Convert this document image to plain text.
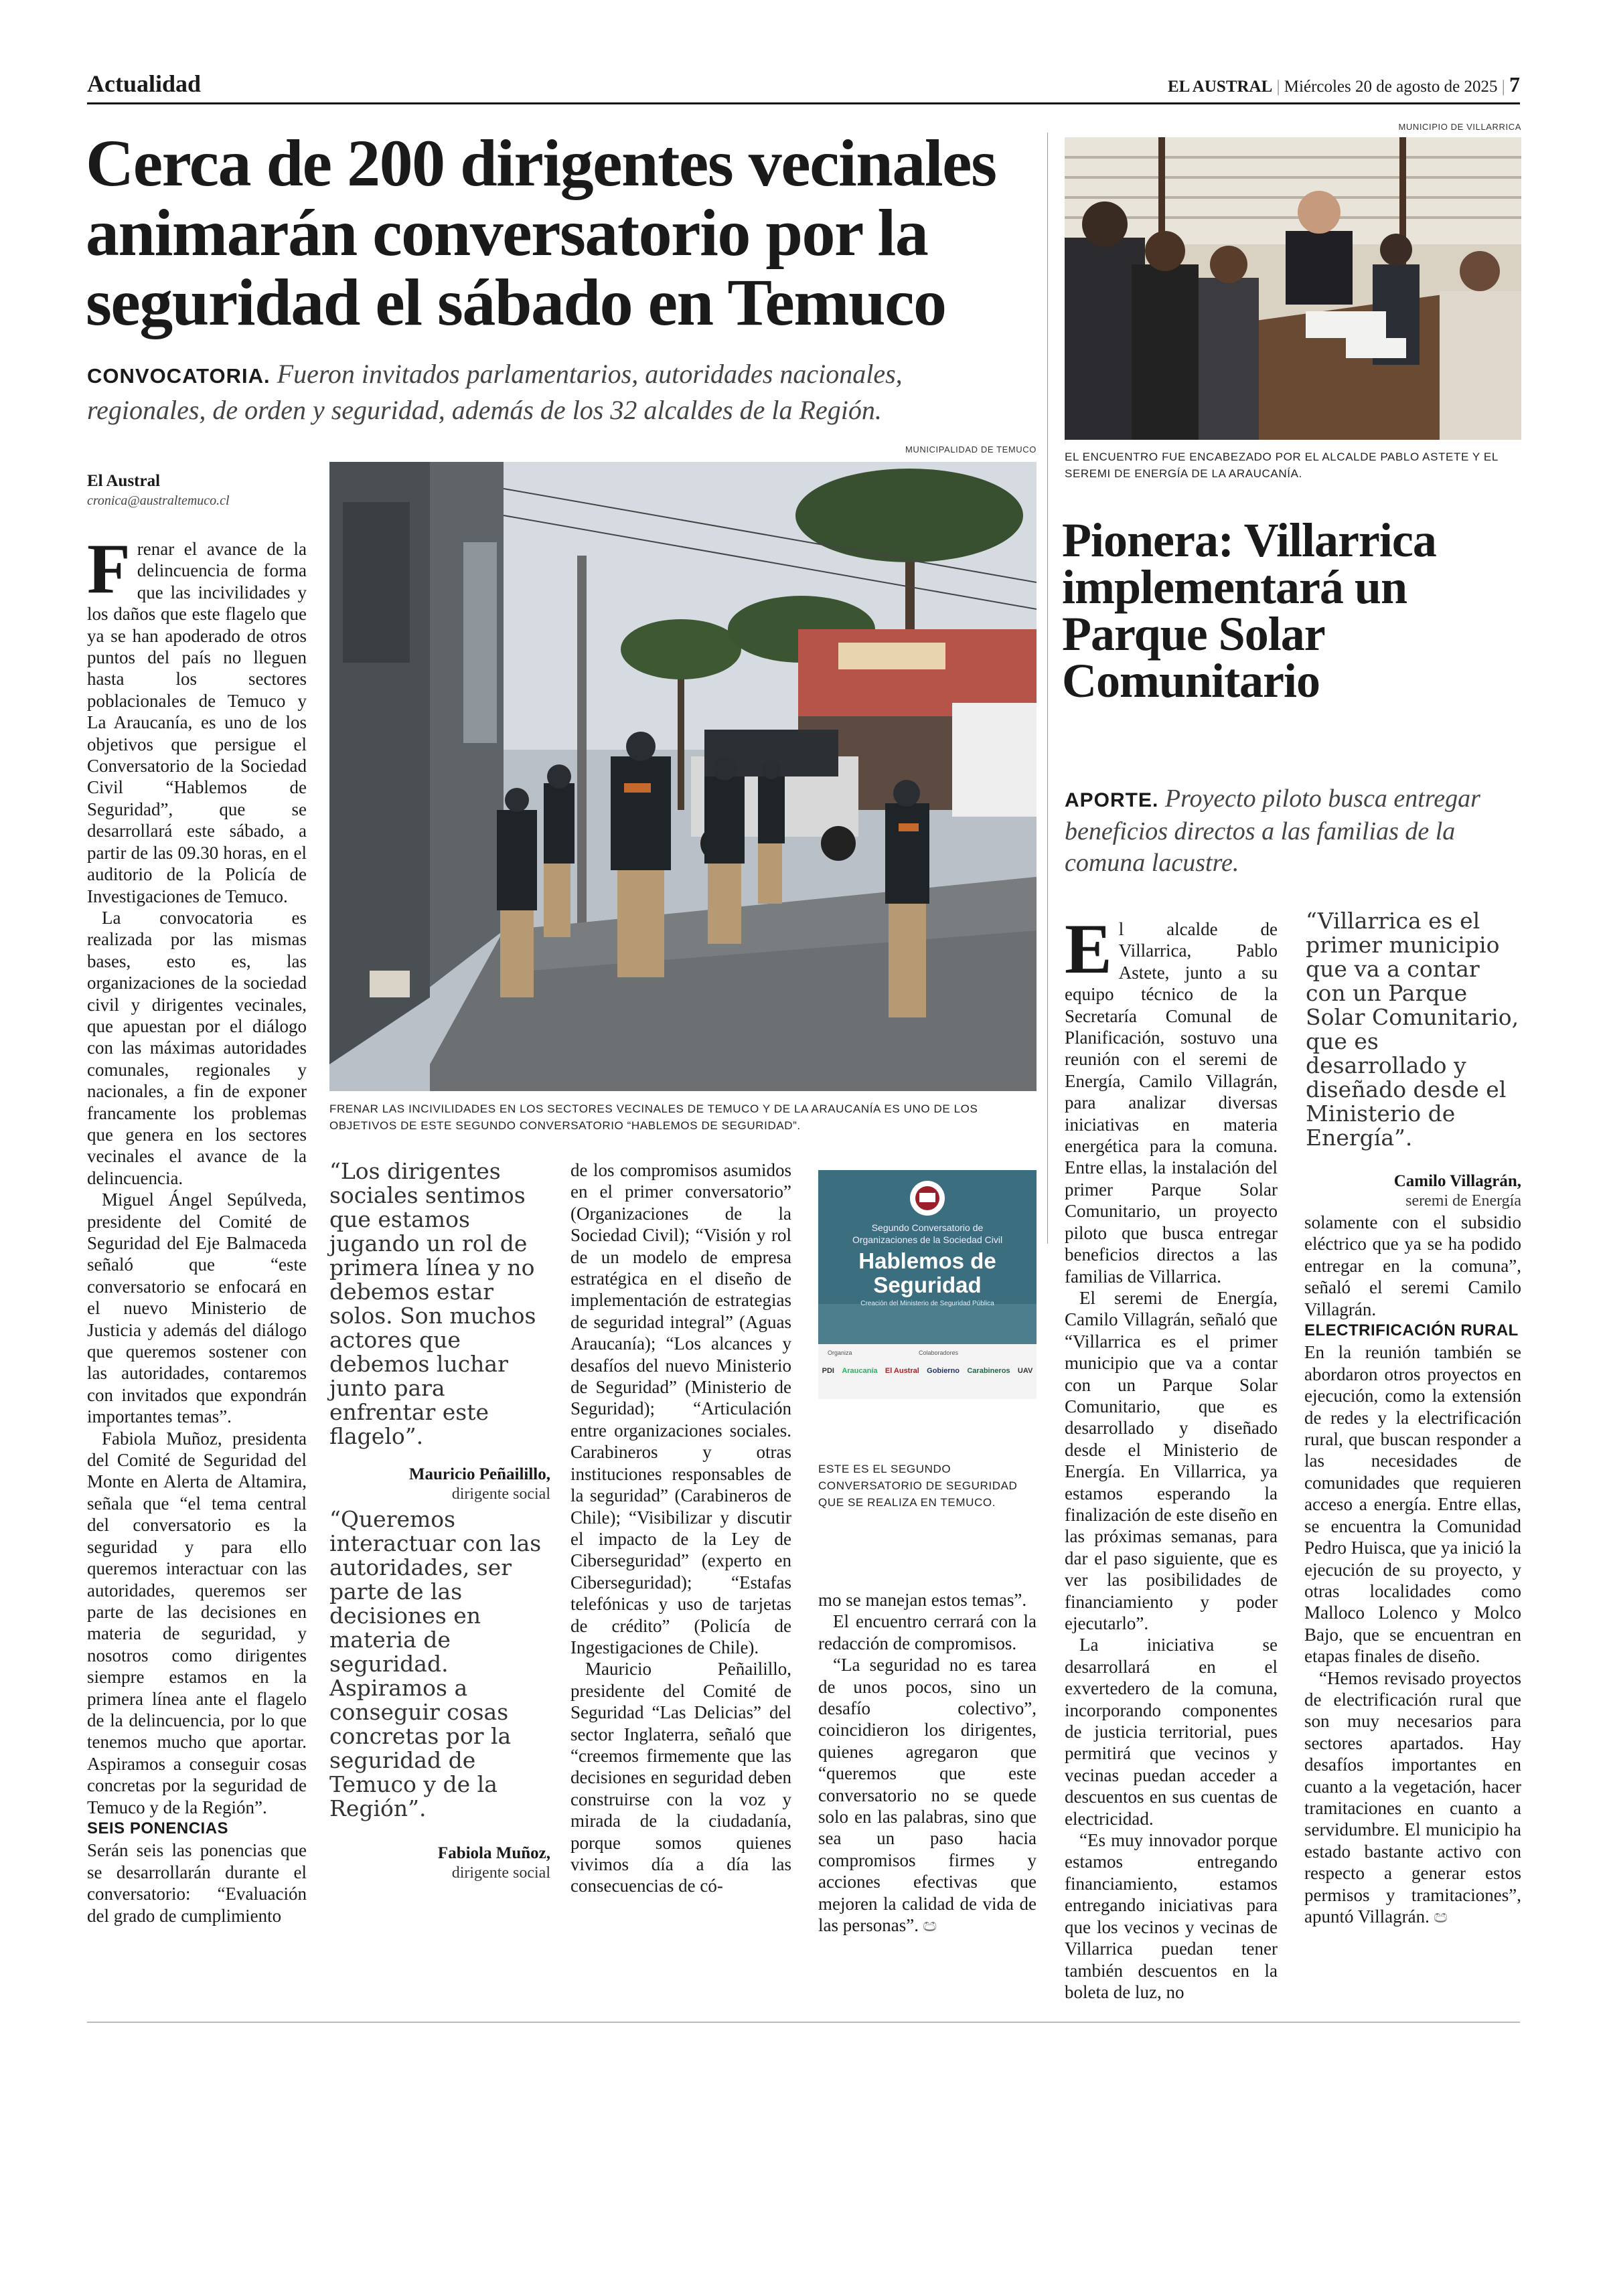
Actualidad	EL AUSTRAL | Miércoles 20 de agosto de 2025 | 7
Cerca de 200 dirigentes vecinales animarán conversatorio por la seguridad el sábado en Temuco
CONVOCATORIA. Fueron invitados parlamentarios, autoridades nacionales, regionales, de orden y seguridad, además de los 32 alcaldes de la Región.
El Austral
cronica@australtemuco.cl
MUNICIPALIDAD DE TEMUCO
FRENAR LAS INCIVILIDADES EN LOS SECTORES VECINALES DE TEMUCO Y DE LA ARAUCANÍA ES UNO DE LOS OBJETIVOS DE ESTE SEGUNDO CONVERSATORIO “HABLEMOS DE SEGURIDAD”.

Frenar el avance de la delincuencia de forma que las incivilidades y los daños que este flagelo que ya se han apoderado de otros puntos del país no lleguen hasta los sectores poblacionales de Temuco y La Araucanía, es uno de los objetivos que persigue el Conversatorio de la Sociedad Civil “Hablemos de Seguridad”, que se desarrollará este sábado, a partir de las 09.30 horas, en el auditorio de la Policía de Investigaciones de Temuco.

La convocatoria es realizada por las mismas bases, esto es, las organizaciones de la sociedad civil y dirigentes vecinales, que apuestan por el diálogo con las máximas autoridades comunales, regionales y nacionales, a fin de exponer francamente los problemas que genera en los sectores vecinales el avance de la delincuencia.

Miguel Ángel Sepúlveda, presidente del Comité de Seguridad del Eje Balmaceda señaló que “este conversatorio se enfocará en el nuevo Ministerio de Justicia y además del diálogo que queremos sostener con las autoridades, contaremos con invitados que expondrán importantes temas”.

Fabiola Muñoz, presidenta del Comité de Seguridad del Monte en Alerta de Altamira, señala que “el tema central del conversatorio es la seguridad y para ello queremos interactuar con las autoridades, queremos ser parte de las decisiones en materia de seguridad, y nosotros como dirigentes siempre estamos en la primera línea ante el flagelo de la delincuencia, por lo que tenemos mucho que aportar. Aspiramos a conseguir cosas concretas por la seguridad de Temuco y de la Región”.

SEIS PONENCIAS

Serán seis las ponencias que se desarrollarán durante el conversatorio: “Evaluación del grado de cumplimiento

“Los dirigentes sociales sentimos que estamos jugando un rol de primera línea y no debemos estar solos. Son muchos actores que debemos luchar junto para enfrentar este flagelo”.
Mauricio Peñailillo,
dirigente social
“Queremos interactuar con las autoridades, ser parte de las decisiones en materia de seguridad. Aspiramos a conseguir cosas concretas por la seguridad de Temuco y de la Región”.
Fabiola Muñoz,
dirigente social

de los compromisos asumidos en el primer conversatorio” (Organizaciones de la Sociedad Civil); “Visión y rol de un modelo de empresa estratégica en el diseño de implementación de estrategias de seguridad integral” (Aguas Araucanía); “Los alcances y desafíos del nuevo Ministerio de Seguridad” (Ministerio de Seguridad); “Articulación entre organizaciones sociales. Carabineros y otras instituciones responsables de la seguridad” (Carabineros de Chile); “Visibilizar y discutir el impacto de la Ley de Ciberseguridad” (experto en Ciberseguridad); “Estafas telefónicas y uso de tarjetas de crédito” (Policía de Ingestigaciones de Chile).

Mauricio Peñailillo, presidente del Comité de Seguridad “Las Delicias” del sector Inglaterra, señaló que “creemos firmemente que las decisiones en seguridad deben construirse con la voz y mirada de la ciudadanía, porque somos quienes vivimos día a día las consecuencias de có-

Segundo Conversatorio de
Organizaciones de la Sociedad Civil
Hablemos de Seguridad
Creación del Ministerio de Seguridad Pública
Organiza	Colaboradores
PDI Araucanía El Austral Gobierno Carabineros UAV
ESTE ES EL SEGUNDO CONVERSATORIO DE SEGURIDAD QUE SE REALIZA EN TEMUCO.

mo se manejan estos temas”.

El encuentro cerrará con la redacción de compromisos.

“La seguridad no es tarea de unos pocos, sino un desafío colectivo”, coincidieron los dirigentes, quienes agregaron que “queremos que este conversatorio no se quede solo en las palabras, sino que sea un paso hacia compromisos firmes y acciones efectivas que mejoren la calidad de vida de las personas”. ඏ

MUNICIPIO DE VILLARRICA
EL ENCUENTRO FUE ENCABEZADO POR EL ALCALDE PABLO ASTETE Y EL SEREMI DE ENERGÍA DE LA ARAUCANÍA.
Pionera: Villarrica implementará un Parque Solar Comunitario
APORTE. Proyecto piloto busca entregar beneficios directos a las familias de la comuna lacustre.

El alcalde de Villarrica, Pablo Astete, junto a su equipo técnico de la Secretaría Comunal de Planificación, sostuvo una reunión con el seremi de Energía, Camilo Villagrán, para analizar diversas iniciativas en materia energética para la comuna. Entre ellas, la instalación del primer Parque Solar Comunitario, un proyecto piloto que busca entregar beneficios directos a las familias de Villarrica.

El seremi de Energía, Camilo Villagrán, señaló que “Villarrica es el primer municipio que va a contar con un Parque Solar Comunitario, que es desarrollado y diseñado desde el Ministerio de Energía. En Villarrica, ya estamos esperando la finalización de este diseño en las próximas semanas, para dar el paso siguiente, que es ver las posibilidades de financiamiento y poder ejecutarlo”.

La iniciativa se desarrollará en el exvertedero de la comuna, incorporando componentes de justicia territorial, pues permitirá que vecinos y vecinas puedan acceder a descuentos en sus cuentas de electricidad.

“Es muy innovador porque estamos entregando financiamiento, estamos entregando iniciativas para que los vecinos y vecinas de Villarrica puedan tener también descuentos en la boleta de luz, no

“Villarrica es el primer municipio que va a contar con un Parque Solar Comunitario, que es desarrollado y diseñado desde el Ministerio de Energía”.
Camilo Villagrán,
seremi de Energía

solamente con el subsidio eléctrico que ya se ha podido entregar en la comuna”, señaló el seremi Camilo Villagrán.

ELECTRIFICACIÓN RURAL

En la reunión también se abordaron otros proyectos en ejecución, como la extensión de redes y la electrificación rural, que buscan responder a las necesidades de comunidades que requieren acceso a energía. Entre ellas, se encuentra la Comunidad Pedro Huisca, que ya inició la ejecución de su proyecto, y otras localidades como Malloco Lolenco y Molco Bajo, que se encuentran en etapas finales de diseño.

“Hemos revisado proyectos de electrificación rural que son muy necesarios para sectores apartados. Hay desafíos importantes en cuanto a la vegetación, hacer tramitaciones en cuanto a servidumbre. El municipio ha estado bastante activo con respecto a generar estos permisos y tramitaciones”, apuntó Villagrán. ඏ
